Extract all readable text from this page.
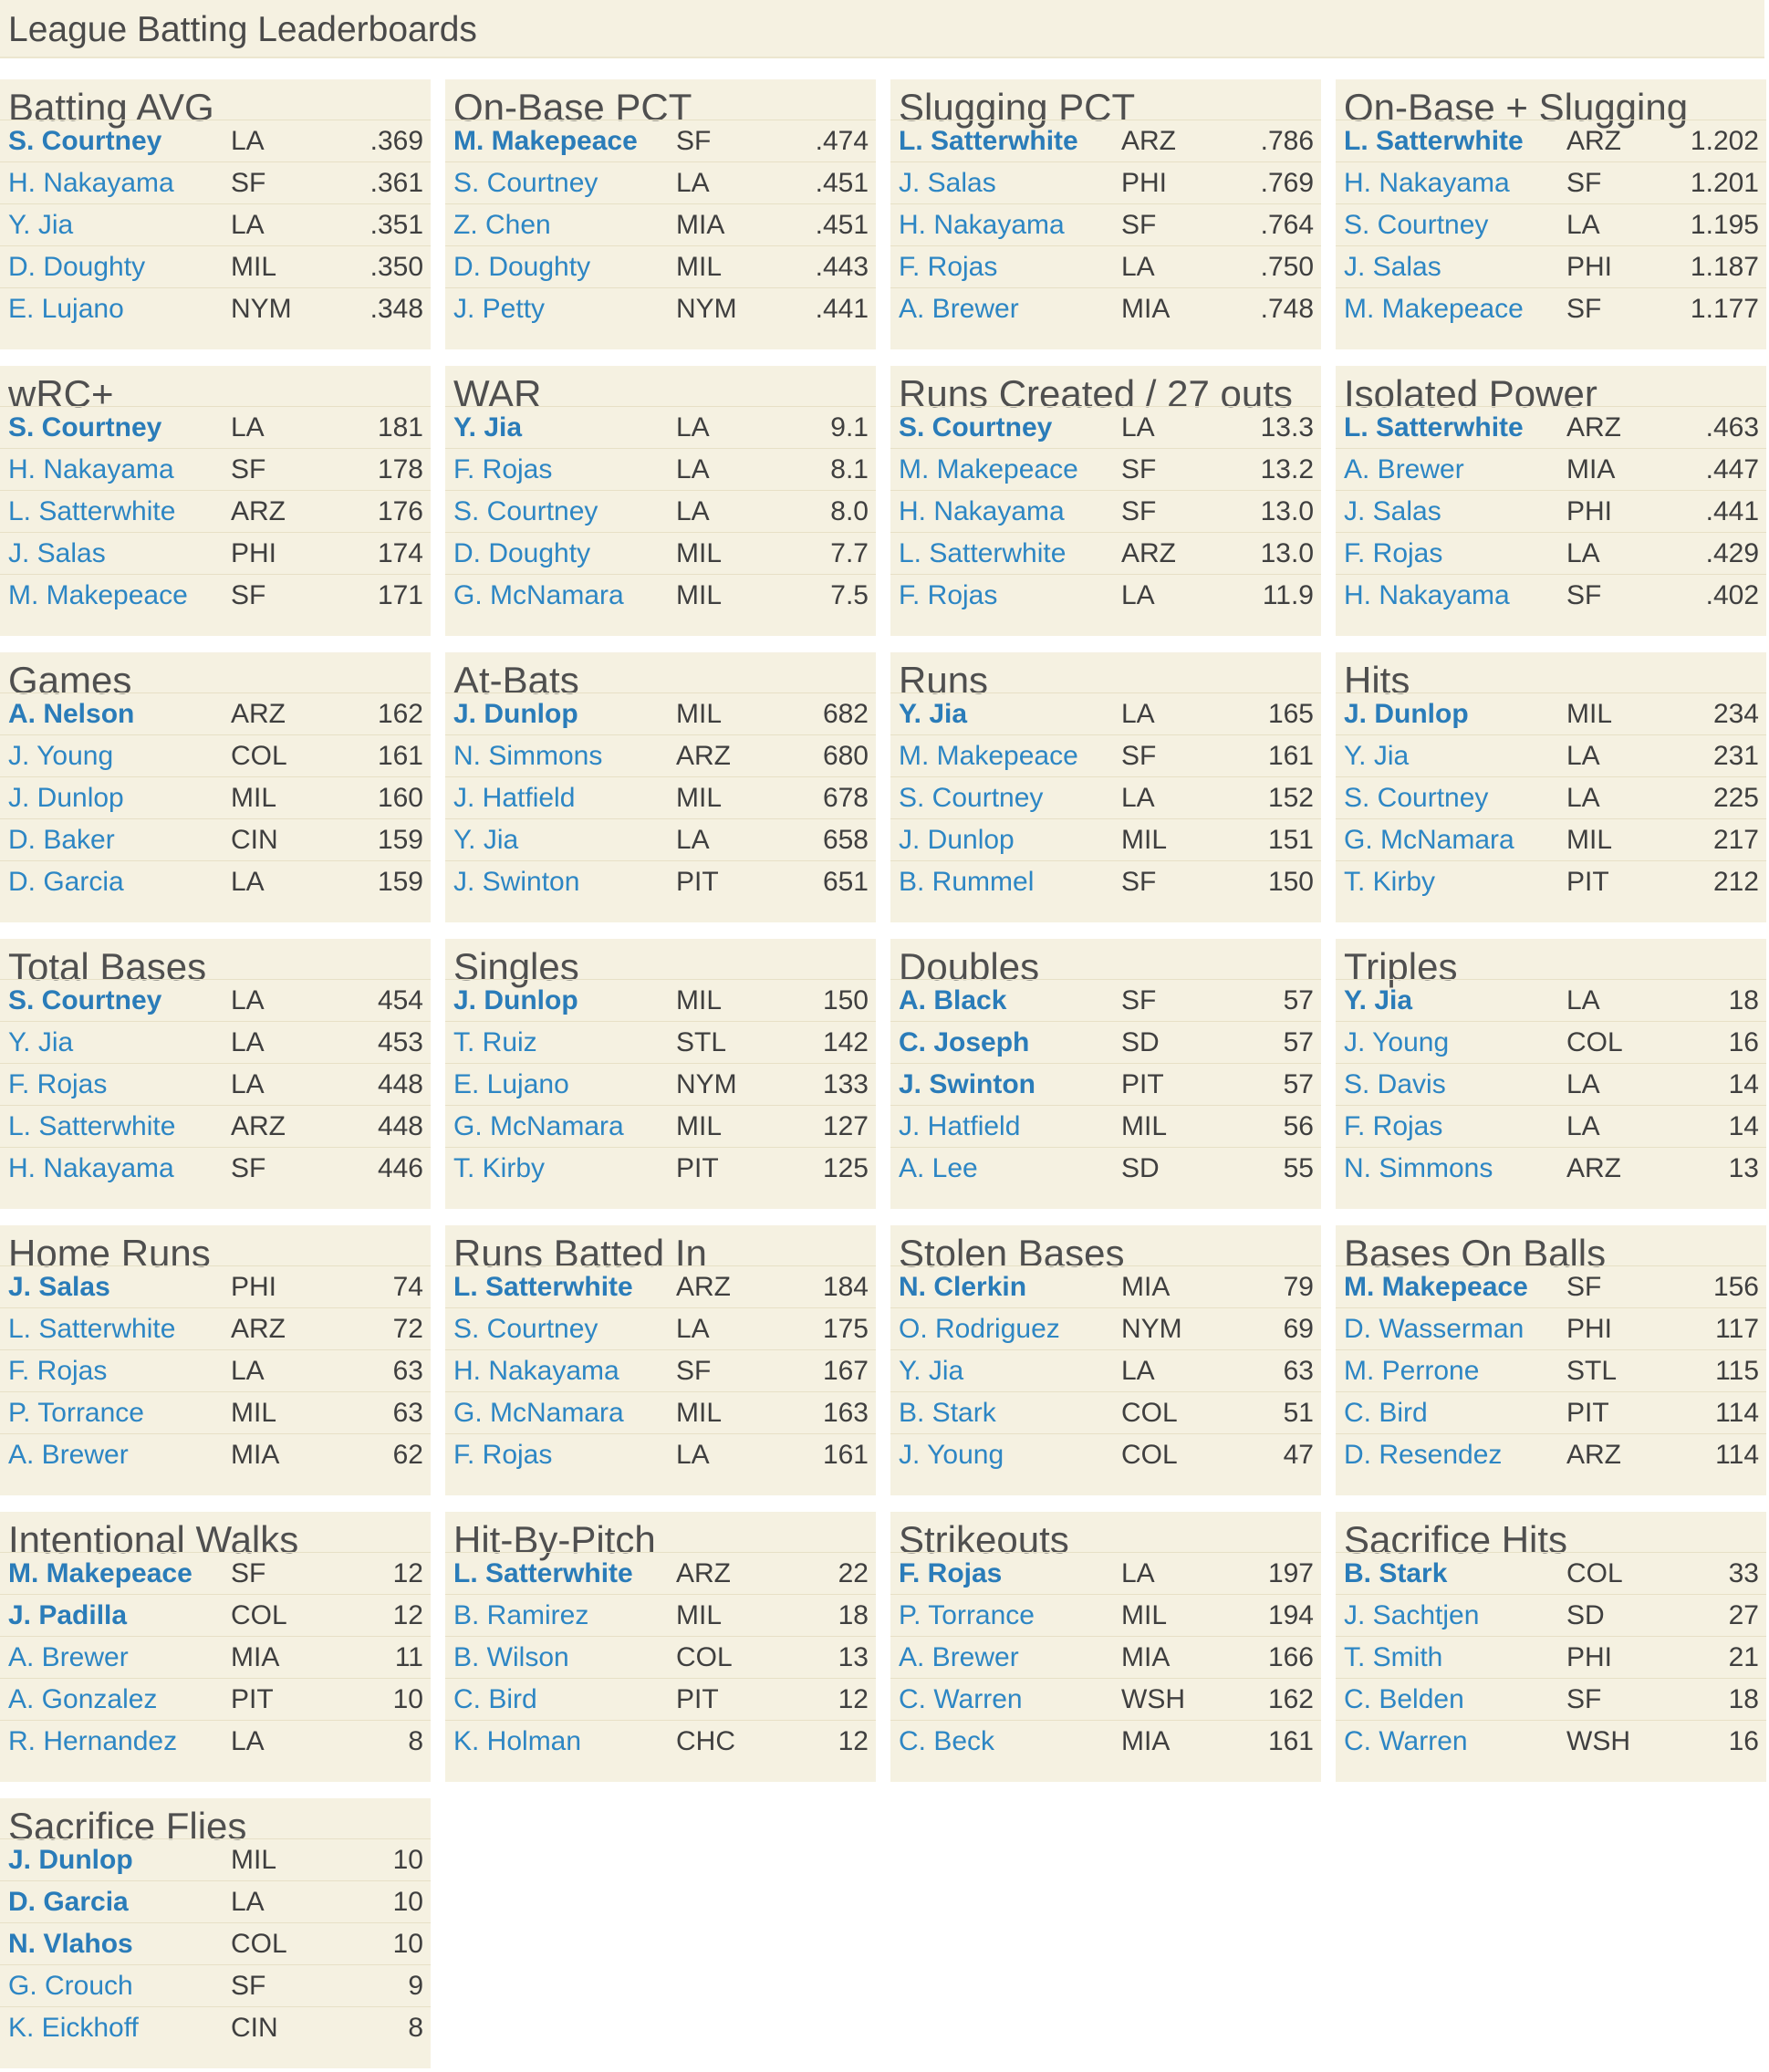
League Batting Leaderboards
Batting AVG
S. Courtney	LA	.369
H. Nakayama SF	.361
Y. Jia	LA	.351
D. Doughty	MIL	.350
E. Lujano	NYM	.348
On-Base PCT
M. Makepeace SF	.474
S. Courtney	LA	.451
Z. Chen	MIA	.451
D. Doughty	MIL	.443
J. Petty	NYM	.441
Slugging PCT
L. Satterwhite ARZ	.786
J. Salas	PHI	.769
H. Nakayama SF	.764
F. Rojas	LA	.750
A. Brewer	MIA	.748
On-Base + Slugging
L. Satterwhite ARZ	1.202
H. Nakayama SF	1.201
S. Courtney	LA	1.195
J. Salas	PHI	1.187
M. Makepeace SF	1.177
wRC+
S. Courtney	LA	181
H. Nakayama SF	178
L. Satterwhite ARZ	176
J. Salas	PHI	174
M. Makepeace SF	171
WAR
Y. Jia	LA	9.1
F. Rojas	LA	8.1
S. Courtney	LA	8.0
D. Doughty	MIL	7.7
G. McNamara MIL	7.5
Runs Created / 27 outs
S. Courtney	LA	13.3
M. Makepeace SF	13.2
H. Nakayama SF	13.0
L. Satterwhite ARZ	13.0
F. Rojas	LA	11.9
Isolated Power
L. Satterwhite ARZ	.463
A. Brewer	MIA	.447
J. Salas	PHI	.441
F. Rojas	LA	.429
H. Nakayama SF	.402
Games
A. Nelson	ARZ	162
J. Young	COL	161
J. Dunlop	MIL	160
D. Baker	CIN	159
D. Garcia	LA	159
At-Bats
J. Dunlop	MIL	682
N. Simmons	ARZ	680
J. Hatfield	MIL	678
Y. Jia	LA	658
J. Swinton	PIT	651
Runs
Y. Jia	LA	165
M. Makepeace SF	161
S. Courtney	LA	152
J. Dunlop	MIL	151
B. Rummel	SF	150
Hits
J. Dunlop	MIL	234
Y. Jia	LA	231
S. Courtney	LA	225
G. McNamara MIL	217
T. Kirby	PIT	212
Total Bases
S. Courtney	LA	454
Y. Jia	LA	453
F. Rojas	LA	448
L. Satterwhite ARZ	448
H. Nakayama SF	446
Singles
J. Dunlop	MIL	150
T. Ruiz	STL	142
E. Lujano	NYM	133
G. McNamara MIL	127
T. Kirby	PIT	125
Doubles
A. Black	SF	57
C. Joseph	SD	57
J. Swinton	PIT	57
J. Hatfield	MIL	56
A. Lee	SD	55
Triples
Y. Jia	LA	18
J. Young	COL	16
S. Davis	LA	14
F. Rojas	LA	14
N. Simmons	ARZ	13
Home Runs
J. Salas	PHI	74
L. Satterwhite ARZ	72
F. Rojas	LA	63
P. Torrance	MIL	63
A. Brewer	MIA	62
Runs Batted In
L. Satterwhite ARZ	184
S. Courtney	LA	175
H. Nakayama SF	167
G. McNamara MIL	163
F. Rojas	LA	161
Stolen Bases
N. Clerkin	MIA	79
O. Rodriguez NYM	69
Y. Jia	LA	63
B. Stark	COL	51
J. Young	COL	47
Bases On Balls
M. Makepeace SF	156
D. Wasserman PHI	117
M. Perrone	STL	115
C. Bird	PIT	114
D. Resendez ARZ	114
Intentional Walks
M. Makepeace SF	12
J. Padilla	COL	12
A. Brewer	MIA	11
A. Gonzalez	PIT	10
R. Hernandez LA	8
Hit-By-Pitch
L. Satterwhite ARZ	22
B. Ramirez	MIL	18
B. Wilson	COL	13
C. Bird	PIT	12
K. Holman	CHC	12
Strikeouts
F. Rojas	LA	197
P. Torrance	MIL	194
A. Brewer	MIA	166
C. Warren	WSH	162
C. Beck	MIA	161
Sacrifice Hits
B. Stark	COL	33
J. Sachtjen	SD	27
T. Smith	PHI	21
C. Belden	SF	18
C. Warren	WSH	16
Sacrifice Flies
J. Dunlop	MIL	10
D. Garcia	LA	10
N. Vlahos	COL	10
G. Crouch	SF	9
K. Eickhoff	CIN	8
